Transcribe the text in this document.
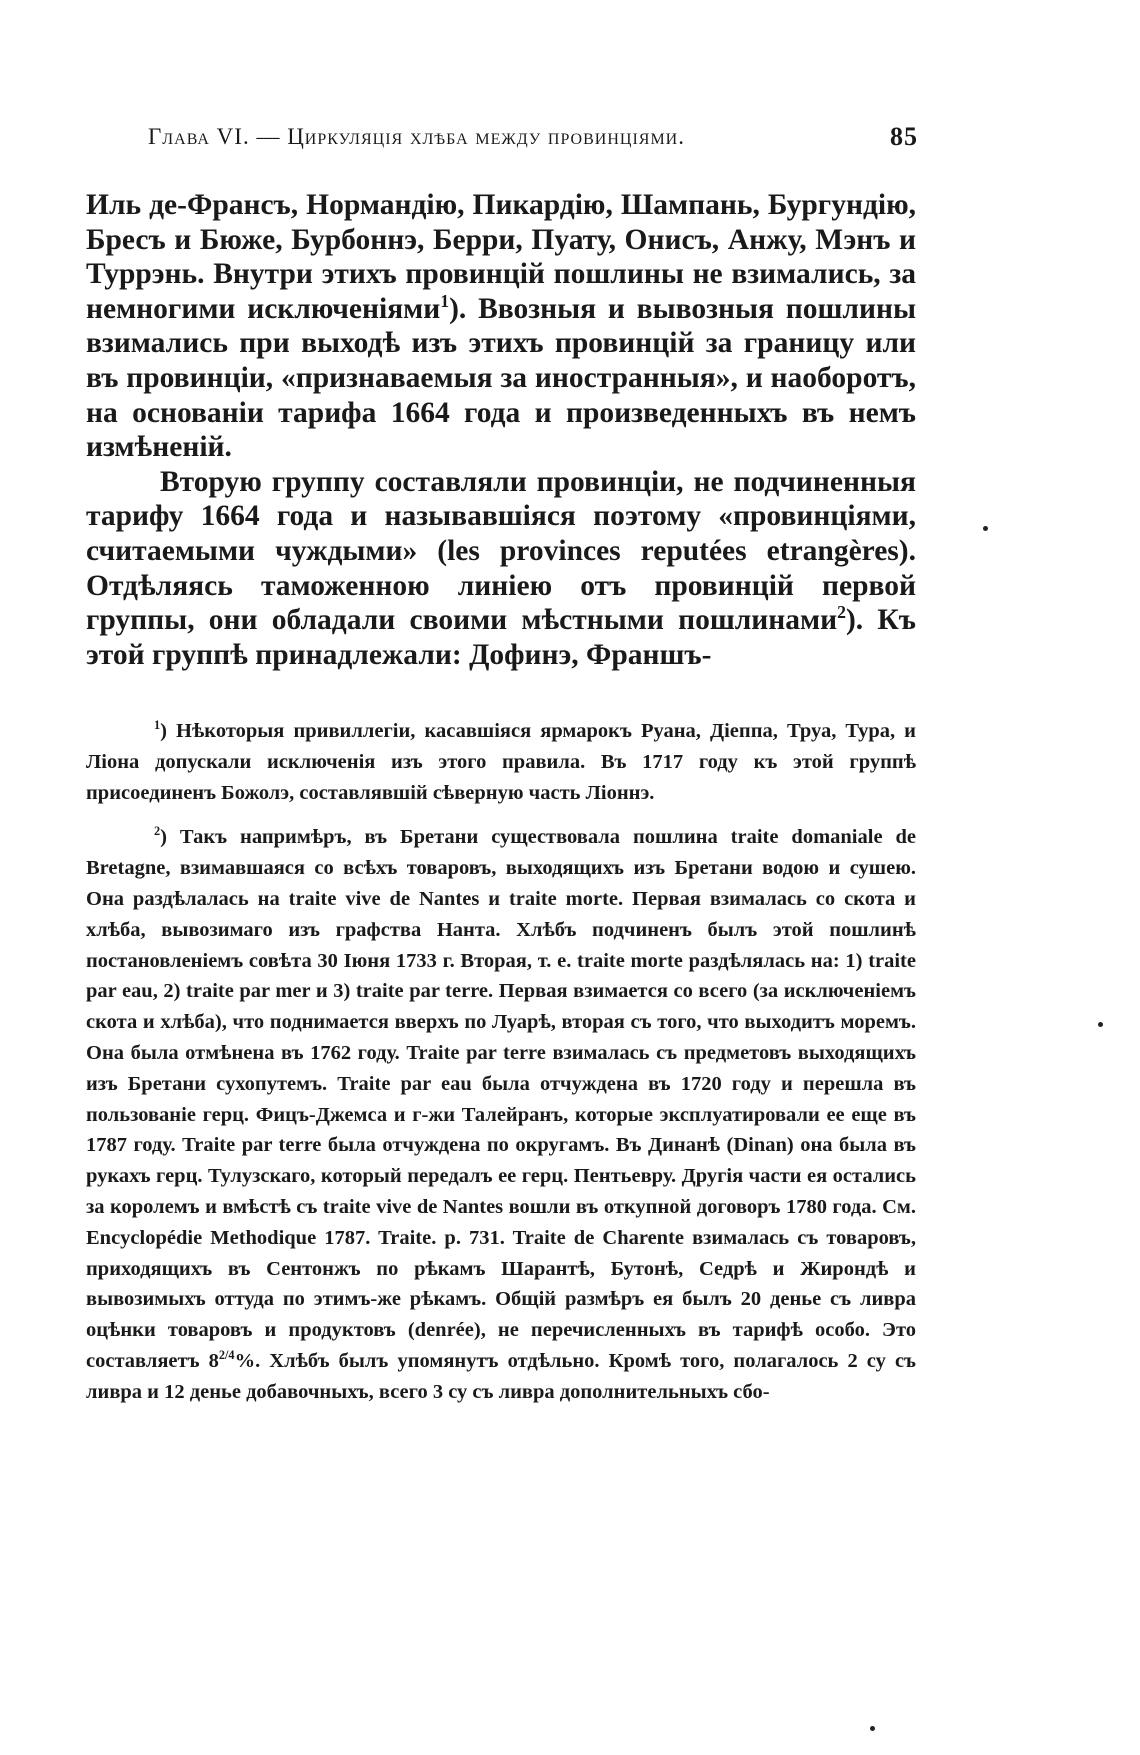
Глава VI. — Циркуляція хлѣба между провинціями.	85

Иль де-Франсъ, Нормандію, Пикардію, Шампань, Бургундію, Бресъ и Бюже, Бурбоннэ, Берри, Пуату, Онисъ, Анжу, Мэнъ и Туррэнь. Внутри этихъ провинцій пошлины не взимались, за немногими исключеніями$^1$). Ввозныя и вывозныя пошлины взимались при выходѣ изъ этихъ провинцій за границу или въ провинціи, «признаваемыя за иностранныя», и наоборотъ, на основаніи тарифа 1664 года и произведенныхъ въ немъ измѣненій.

Вторую группу составляли провинціи, не подчиненныя тарифу 1664 года и называвшіяся поэтому «провинціями, считаемыми чуждыми» (les provinces reputées etrangères). Отдѣляясь таможенною линіею отъ провинцій первой группы, они обладали своими мѣстными пошлинами$^2$). Къ этой группѣ принадлежали: Дофинэ, Франшъ-

$^1$) Нѣкоторыя привиллегіи, касавшіяся ярмарокъ Руана, Діеппа, Труа, Тура, и Ліона допускали исключенія изъ этого правила. Въ 1717 году къ этой группѣ присоединенъ Божолэ, составлявшій сѣверную часть Ліоннэ.

$^2$) Такъ напримѣръ, въ Бретани существовала пошлина traite domaniale de Bretagne, взимавшаяся со всѣхъ товаровъ, выходящихъ изъ Бретани водою и сушею. Она раздѣлалась на traite vive de Nantes и traite morte. Первая взималась со скота и хлѣба, вывозимаго изъ графства Нанта. Хлѣбъ подчиненъ былъ этой пошлинѣ постановленіемъ совѣта 30 Іюня 1733 г. Вторая, т. е. traite morte раздѣлялась на: 1) traite par eau, 2) traite par mer и 3) traite par terre. Первая взимается со всего (за исключеніемъ скота и хлѣба), что поднимается вверхъ по Луарѣ, вторая съ того, что выходитъ моремъ. Она была отмѣнена въ 1762 году. Traite par terre взималась съ предметовъ выходящихъ изъ Бретани сухопутемъ. Traite par eau была отчуждена въ 1720 году и перешла въ пользованіе герц. Фицъ-Джемса и г-жи Талейранъ, которые эксплуатировали ее еще въ 1787 году. Traite par terre была отчуждена по округамъ. Въ Динанѣ (Dinan) она была въ рукахъ герц. Тулузскаго, который передалъ ее герц. Пентьевру. Другія части ея остались за королемъ и вмѣстѣ съ traite vive de Nantes вошли въ откупной договоръ 1780 года. См. Encyclopédie Methodique 1787. Traite. p. 731. Traite de Charente взималась съ товаровъ, приходящихъ въ Сентонжъ по рѣкамъ Шарантѣ, Бутонѣ, Седрѣ и Жирондѣ и вывозимыхъ оттуда по этимъ-же рѣкамъ. Общій размѣръ ея былъ 20 денье съ ливра оцѣнки товаровъ и продуктовъ (denrée), не перечисленныхъ въ тарифѣ особо. Это составляетъ $8^{2/4}\%$. Хлѣбъ былъ упомянутъ отдѣльно. Кромѣ того, полагалось 2 су съ ливра и 12 денье добавочныхъ, всего 3 су съ ливра дополнительныхъ сбо-
